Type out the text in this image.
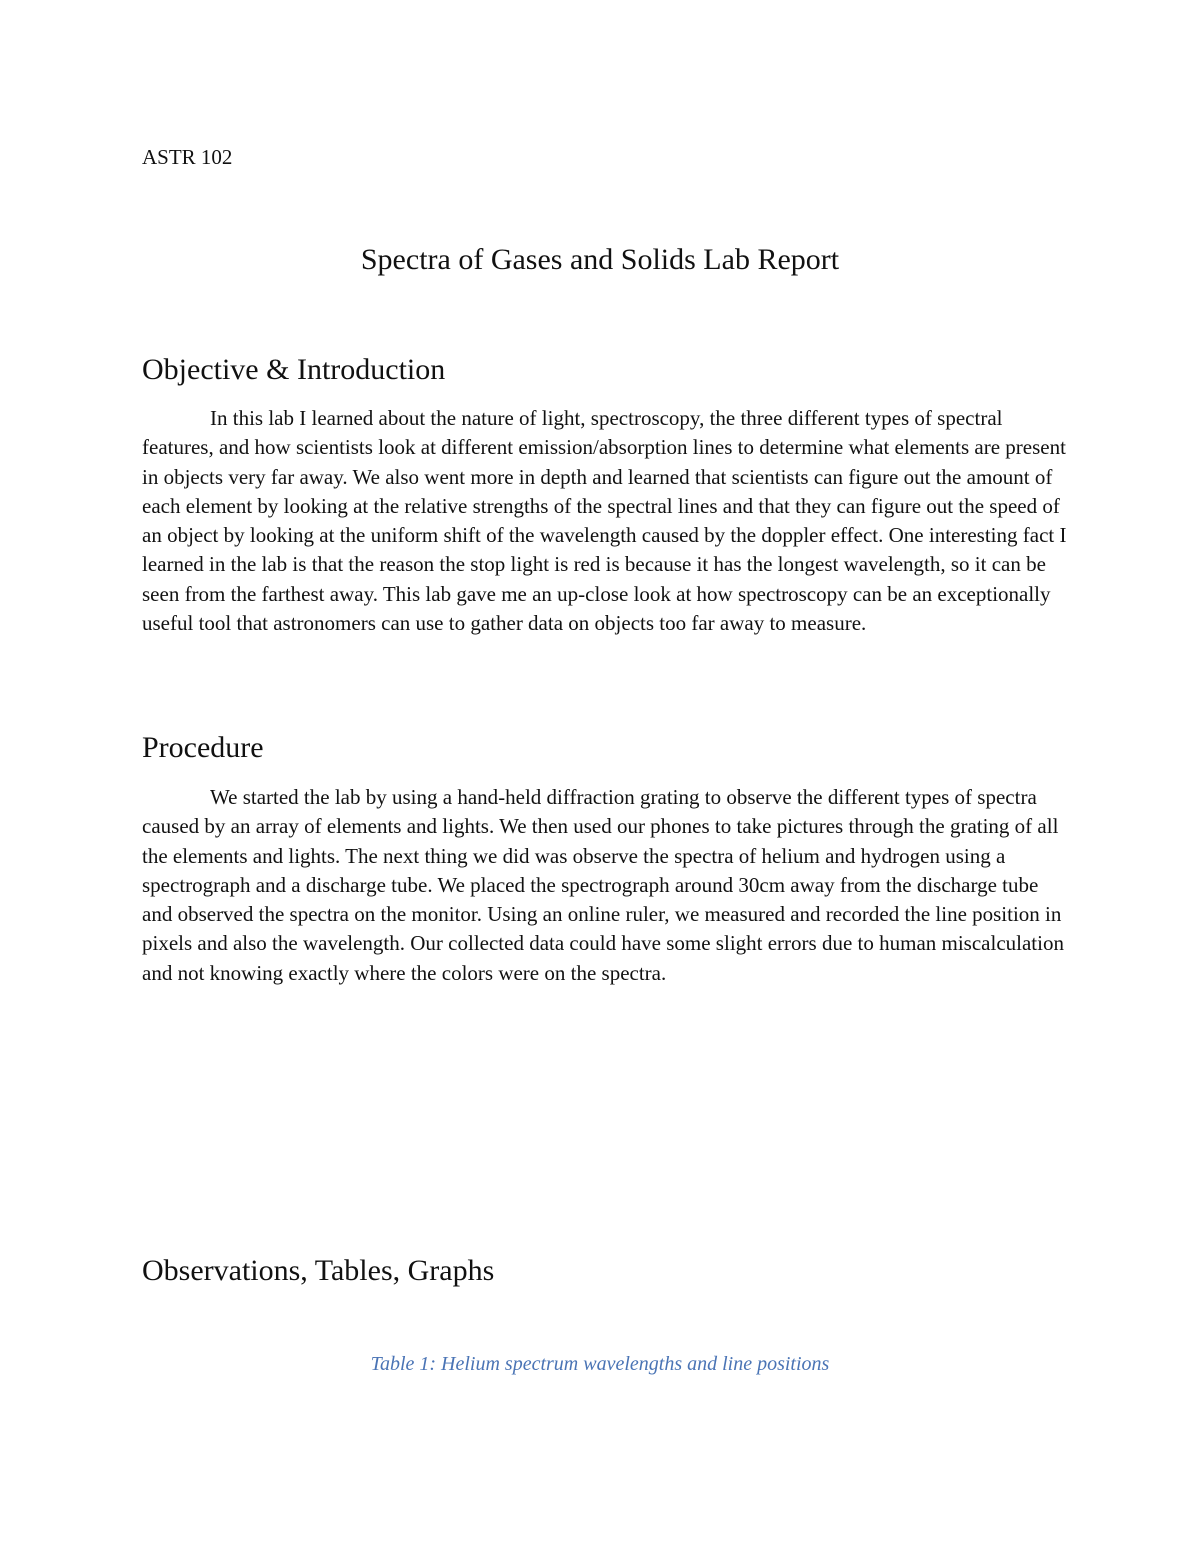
ASTR 102

Spectra of Gases and Solids Lab Report
Objective & Introduction

In this lab I learned about the nature of light, spectroscopy, the three different types of spectral features, and how scientists look at different emission/absorption lines to determine what elements are present in objects very far away. We also went more in depth and learned that scientists can figure out the amount of each element by looking at the relative strengths of the spectral lines and that they can figure out the speed of an object by looking at the uniform shift of the wavelength caused by the doppler effect. One interesting fact I learned in the lab is that the reason the stop light is red is because it has the longest wavelength, so it can be seen from the farthest away. This lab gave me an up-close look at how spectroscopy can be an exceptionally useful tool that astronomers can use to gather data on objects too far away to measure.

Procedure

We started the lab by using a hand-held diffraction grating to observe the different types of spectra caused by an array of elements and lights. We then used our phones to take pictures through the grating of all the elements and lights. The next thing we did was observe the spectra of helium and hydrogen using a spectrograph and a discharge tube. We placed the spectrograph around 30cm away from the discharge tube and observed the spectra on the monitor. Using an online ruler, we measured and recorded the line position in pixels and also the wavelength. Our collected data could have some slight errors due to human miscalculation and not knowing exactly where the colors were on the spectra.

Observations, Tables, Graphs

Table 1: Helium spectrum wavelengths and line positions
